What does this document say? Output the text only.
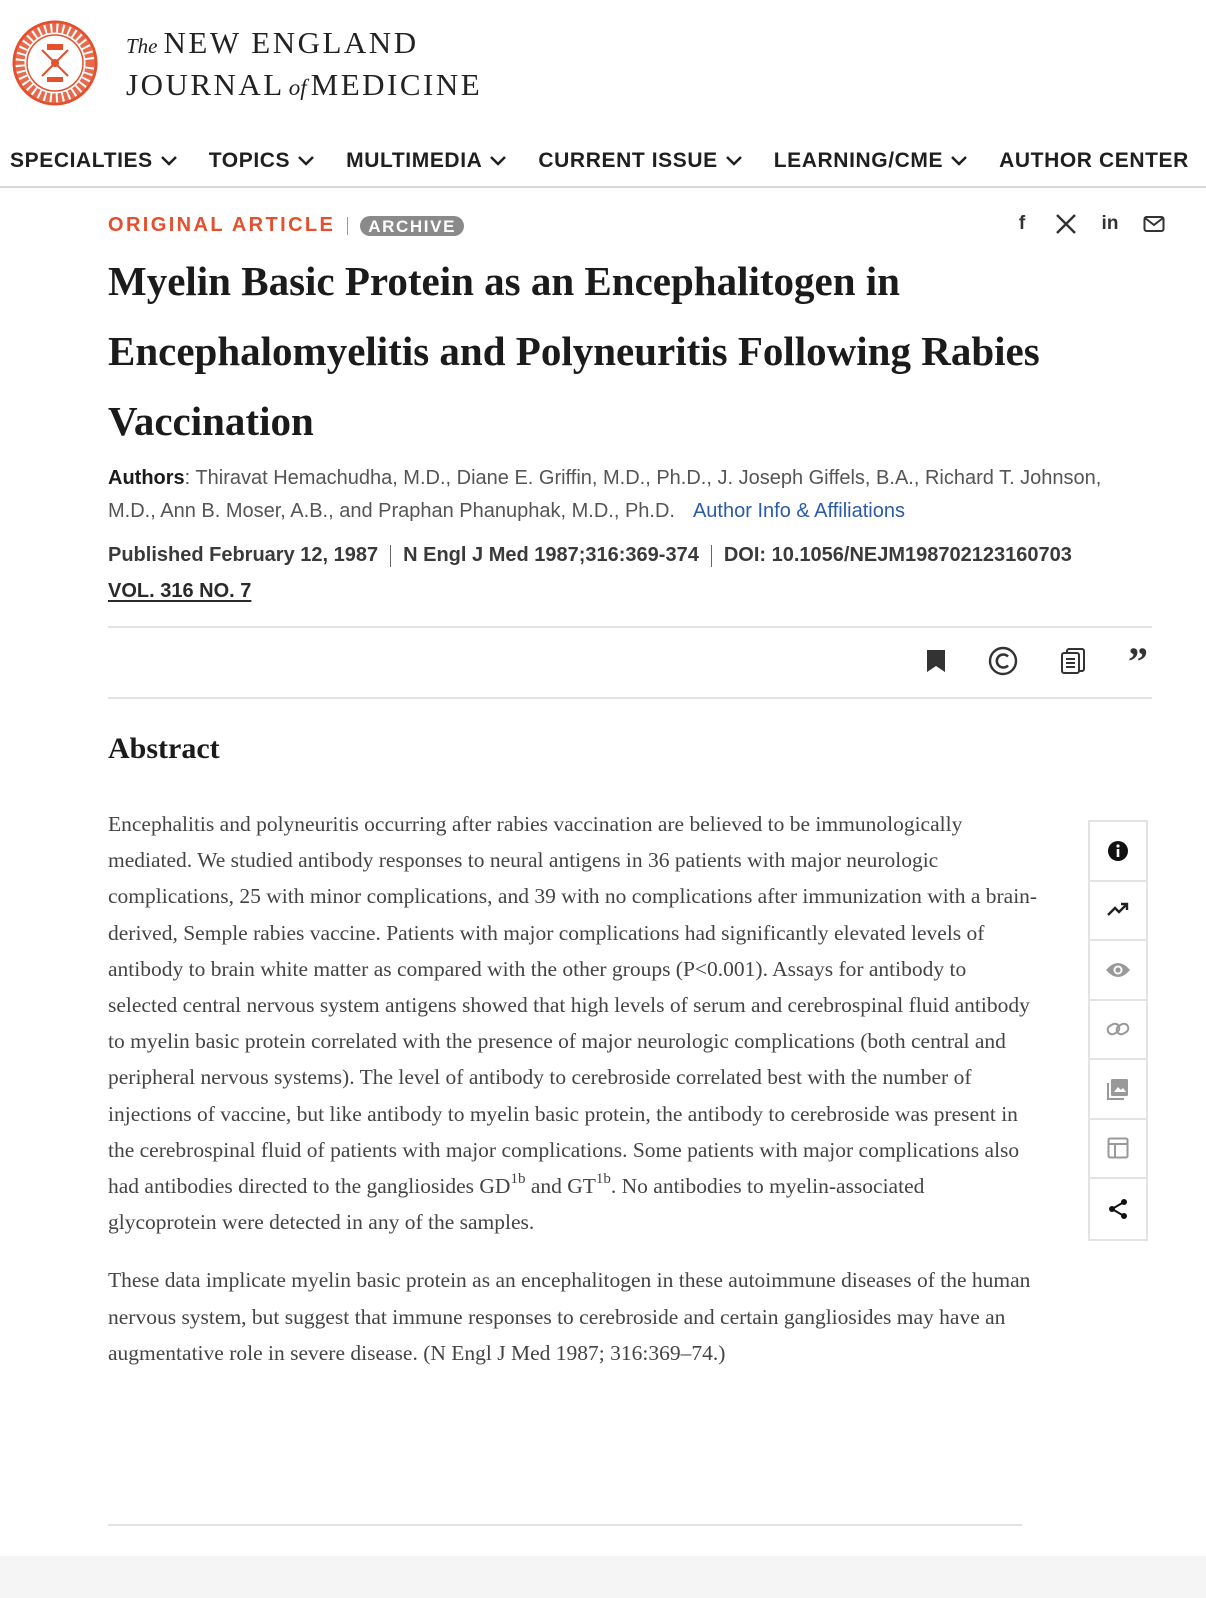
The NEW ENGLAND
JOURNAL of MEDICINE
SPECIALTIES	TOPICS	MULTIMEDIA	CURRENT ISSUE	LEARNING/CME	AUTHOR CENTER
ORIGINAL ARTICLE	ARCHIVE	f	in
Myelin Basic Protein as an Encephalitogen in Encephalomyelitis and Polyneuritis Following Rabies Vaccination
Authors: Thiravat Hemachudha, M.D., Diane E. Griffin, M.D., Ph.D., J. Joseph Giffels, B.A., Richard T. Johnson, M.D., Ann B. Moser, A.B., and Praphan Phanuphak, M.D., Ph.D. Author Info & Affiliations
Published February 12, 1987 N Engl J Med 1987;316:369-374 DOI: 10.1056/NEJM198702123160703
VOL. 316 NO. 7
”
Abstract

Encephalitis and polyneuritis occurring after rabies vaccination are believed to be immunologically mediated. We studied antibody responses to neural antigens in 36 patients with major neurologic complications, 25 with minor complications, and 39 with no complications after immunization with a brain-derived, Semple rabies vaccine. Patients with major complications had significantly elevated levels of antibody to brain white matter as compared with the other groups (P<0.001). Assays for antibody to selected central nervous system antigens showed that high levels of serum and cerebrospinal fluid antibody to myelin basic protein correlated with the presence of major neurologic complications (both central and peripheral nervous systems). The level of antibody to cerebroside correlated best with the number of injections of vaccine, but like antibody to myelin basic protein, the antibody to cerebroside was present in the cerebrospinal fluid of patients with major complications. Some patients with major complications also had antibodies directed to the gangliosides $GD^{1b}$ and $GT^{1b}$. No antibodies to myelin-associated glycoprotein were detected in any of the samples.

These data implicate myelin basic protein as an encephalitogen in these autoimmune diseases of the human nervous system, but suggest that immune responses to cerebroside and certain gangliosides may have an augmentative role in severe disease. (N Engl J Med 1987; 316:369–74.)
